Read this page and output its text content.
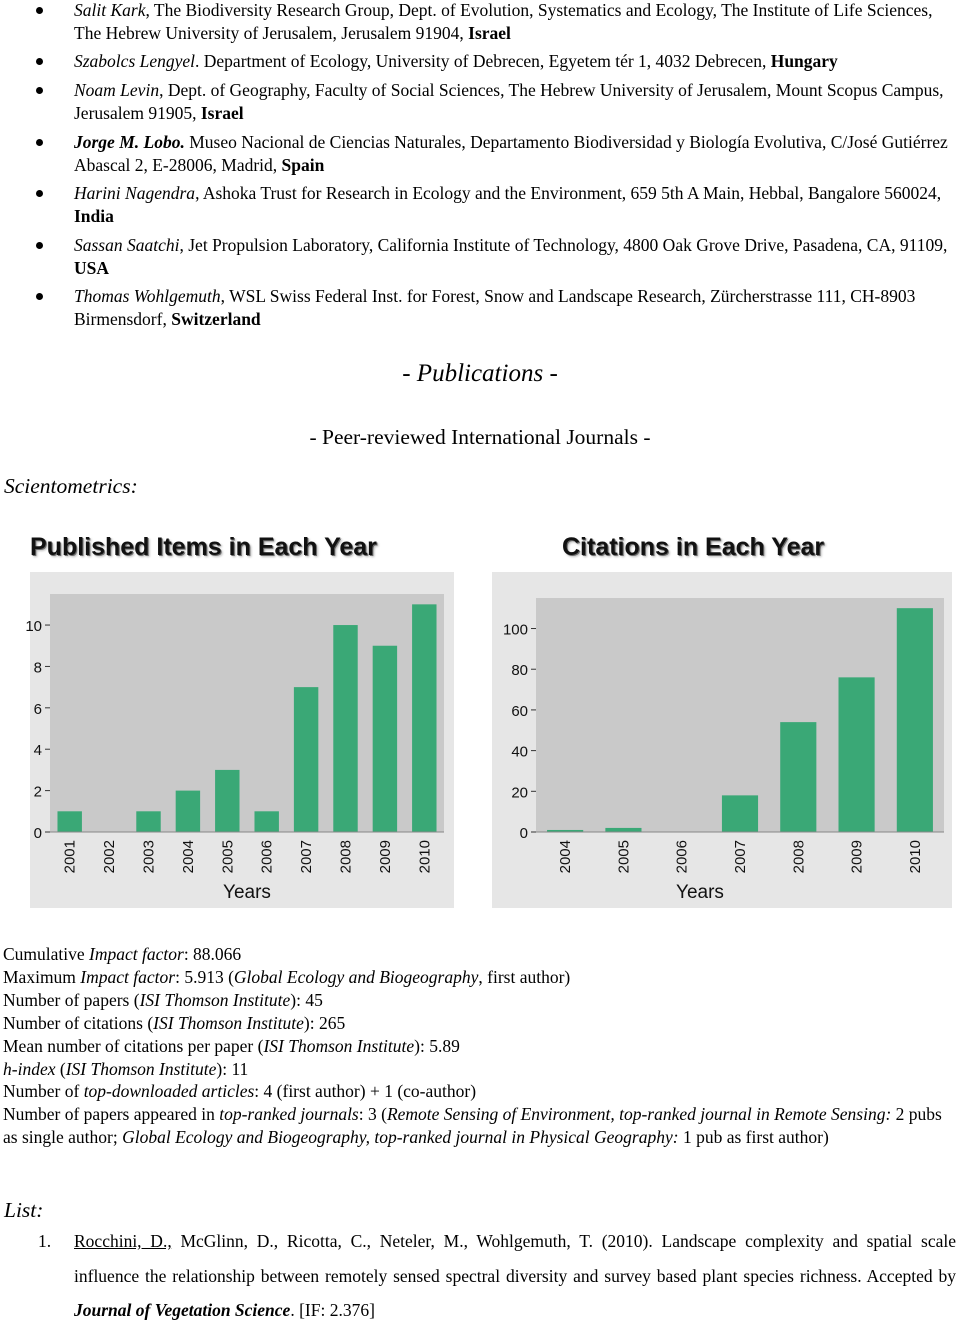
Salit Kark, The Biodiversity Research Group, Dept. of Evolution, Systematics and Ecology, The Institute of Life Sciences, The Hebrew University of Jerusalem, Jerusalem 91904, Israel
Szabolcs Lengyel. Department of Ecology, University of Debrecen, Egyetem tér 1, 4032 Debrecen, Hungary
Noam Levin, Dept. of Geography, Faculty of Social Sciences, The Hebrew University of Jerusalem, Mount Scopus Campus, Jerusalem 91905, Israel
Jorge M. Lobo. Museo Nacional de Ciencias Naturales, Departamento Biodiversidad y Biología Evolutiva, C/José Gutiérrez Abascal 2, E-28006, Madrid, Spain
Harini Nagendra, Ashoka Trust for Research in Ecology and the Environment, 659 5th A Main, Hebbal, Bangalore 560024, India
Sassan Saatchi, Jet Propulsion Laboratory, California Institute of Technology, 4800 Oak Grove Drive, Pasadena, CA, 91109, USA
Thomas Wohlgemuth, WSL Swiss Federal Inst. for Forest, Snow and Landscape Research, Zürcherstrasse 111, CH-8903 Birmensdorf, Switzerland
- Publications -
- Peer-reviewed International Journals -
Scientometrics:
Published Items in Each Year
0
2
4
6
8
10
2001 2002 2003 2004 2005 2006 2007 2008 2009 2010
Years
Citations in Each Year
0
20
40
60
80
100
2004	2005	2006	2007	2008	2009	2010
Years
Cumulative Impact factor: 88.066
Maximum Impact factor: 5.913 (Global Ecology and Biogeography, first author)
Number of papers (ISI Thomson Institute): 45
Number of citations (ISI Thomson Institute): 265
Mean number of citations per paper (ISI Thomson Institute): 5.89
h-index (ISI Thomson Institute): 11
Number of top-downloaded articles: 4 (first author) + 1 (co-author)
Number of papers appeared in top-ranked journals: 3 (Remote Sensing of Environment, top-ranked journal in Remote Sensing: 2 pubs as single author; Global Ecology and Biogeography, top-ranked journal in Physical Geography: 1 pub as first author)
List:
1. Rocchini, D., McGlinn, D., Ricotta, C., Neteler, M., Wohlgemuth, T. (2010). Landscape complexity and spatial scale influence the relationship between remotely sensed spectral diversity and survey based plant species richness. Accepted by Journal of Vegetation Science. [IF: 2.376]
